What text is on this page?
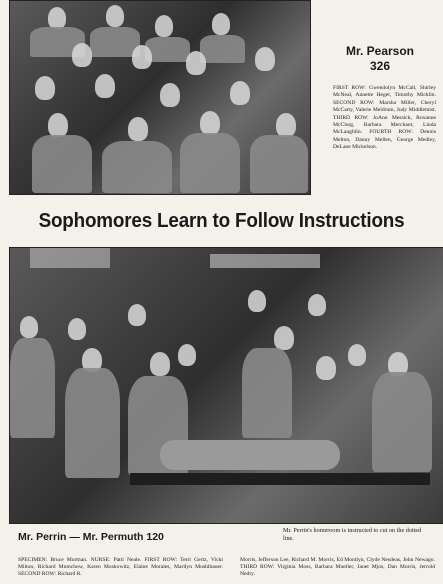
Mr. Pearson
326
FIRST ROW: Gwendolyn McCall, Shirley McNeal, Annette Heger, Timothy Micklin. SECOND ROW: Marsha Miller, Cheryl McCarty, Valerie Meldrum, Judy Middlemist. THIRD ROW: JoAnn Messick, Roxanne McClurg, Barbara Merchant, Linda McLaughlin. FOURTH ROW: Dennis Melton, Danny Mellen, George Medley, DeLane Mickelson.
Sophomores Learn to Follow Instructions
Mr. Perrin — Mr. Permuth 120
Mr. Perrin's homeroom is instructed to cut on the dotted line.
SPECIMEN: Bruce Murman. NURSE: Patti Neale. FIRST ROW: Terri Gertz, Vicki Milton, Richard Mumchow, Karen Moskowitz, Elaine Morales, Marilyn Mushlbauer. SECOND ROW: Richard R.
Morris, Jefferson Lee, Richard M. Morris, Ed Montlyn, Clyde Nesdeas, John Newago. THIRD ROW: Virginia Moss, Barbara Mueller, Janet Mjos, Dan Morris, Jerrold Nedry.
